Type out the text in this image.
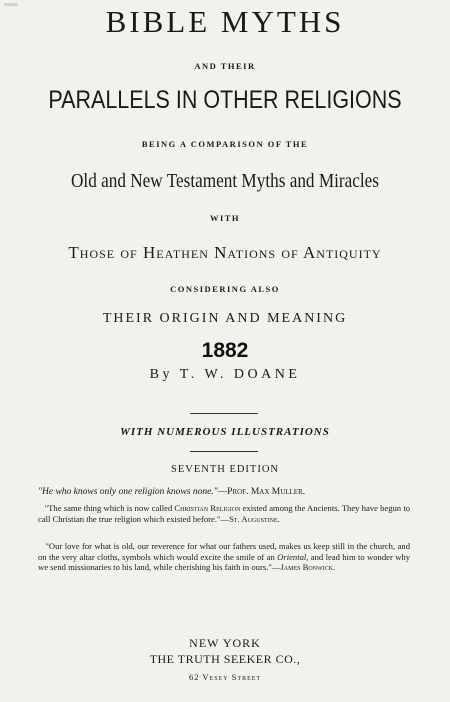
BIBLE MYTHS
AND THEIR
PARALLELS IN OTHER RELIGIONS
BEING A COMPARISON OF THE
Old and New Testament Myths and Miracles
WITH
Those of Heathen Nations of Antiquity
CONSIDERING ALSO
THEIR ORIGIN AND MEANING
1882
By T. W. DOANE
WITH NUMEROUS ILLUSTRATIONS
SEVENTH EDITION
"He who knows only one religion knows none."—Prof. Max Muller.
"The same thing which is now called Christian Religion existed among the Ancients. They have begun to call Christian the true religion which existed before."—St. Augustine.
"Our love for what is old, our reverence for what our fathers used, makes us keep still in the church, and on the very altar cloths, symbols which would excite the smile of an Oriental, and lead him to wonder why we send missionaries to his land, while cherishing his faith in ours."—James Bonwick.
NEW YORK
THE TRUTH SEEKER CO.,
62 Vesey Street
